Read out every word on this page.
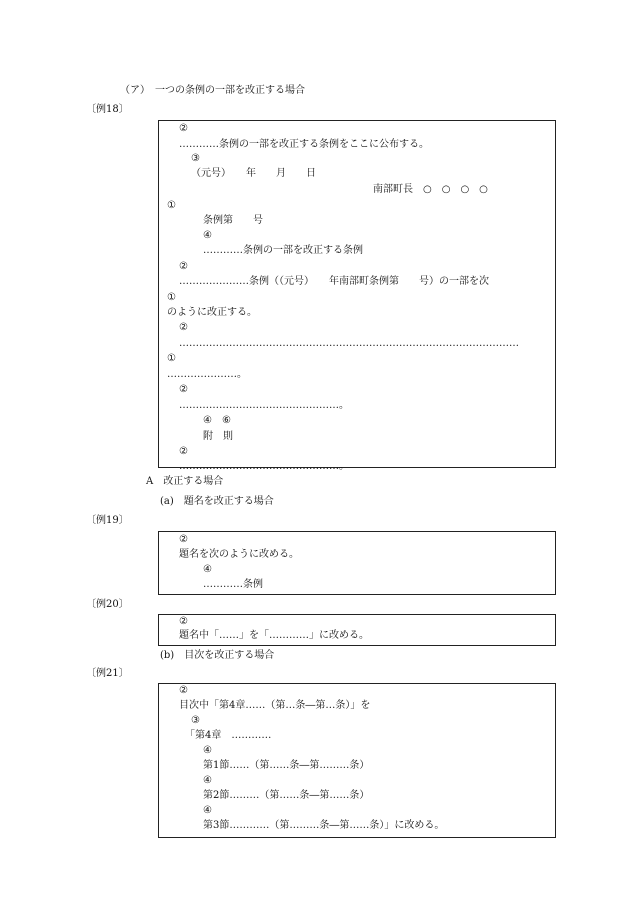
（ア）　一つの条例の一部を改正する場合
〔例18〕
②
…………条例の一部を改正する条例をここに公布する。
③
（元号）　　年　　月　　日
南部町長　○　○　○　○
①
条例第　　号
④
…………条例の一部を改正する条例
②
…………………条例（（元号）　　年南部町条例第　　号）の一部を次
①
のように改正する。
②
…………………………………………………………………………………………
①
…………………。
②
…………………………………………。
④　⑥
附　則
②
…………………………………………。
A　改正する場合
(a)　題名を改正する場合
〔例19〕
②
題名を次のように改める。
④
…………条例
〔例20〕
②
題名中「……」を「…………」に改める。
(b)　目次を改正する場合
〔例21〕
②
目次中「第4章……（第…条―第…条）」を
③
「第4章　…………
④
第1節……（第……条―第………条）
④
第2節………（第……条―第……条）
④
第3節…………（第………条―第……条）」に改める。
